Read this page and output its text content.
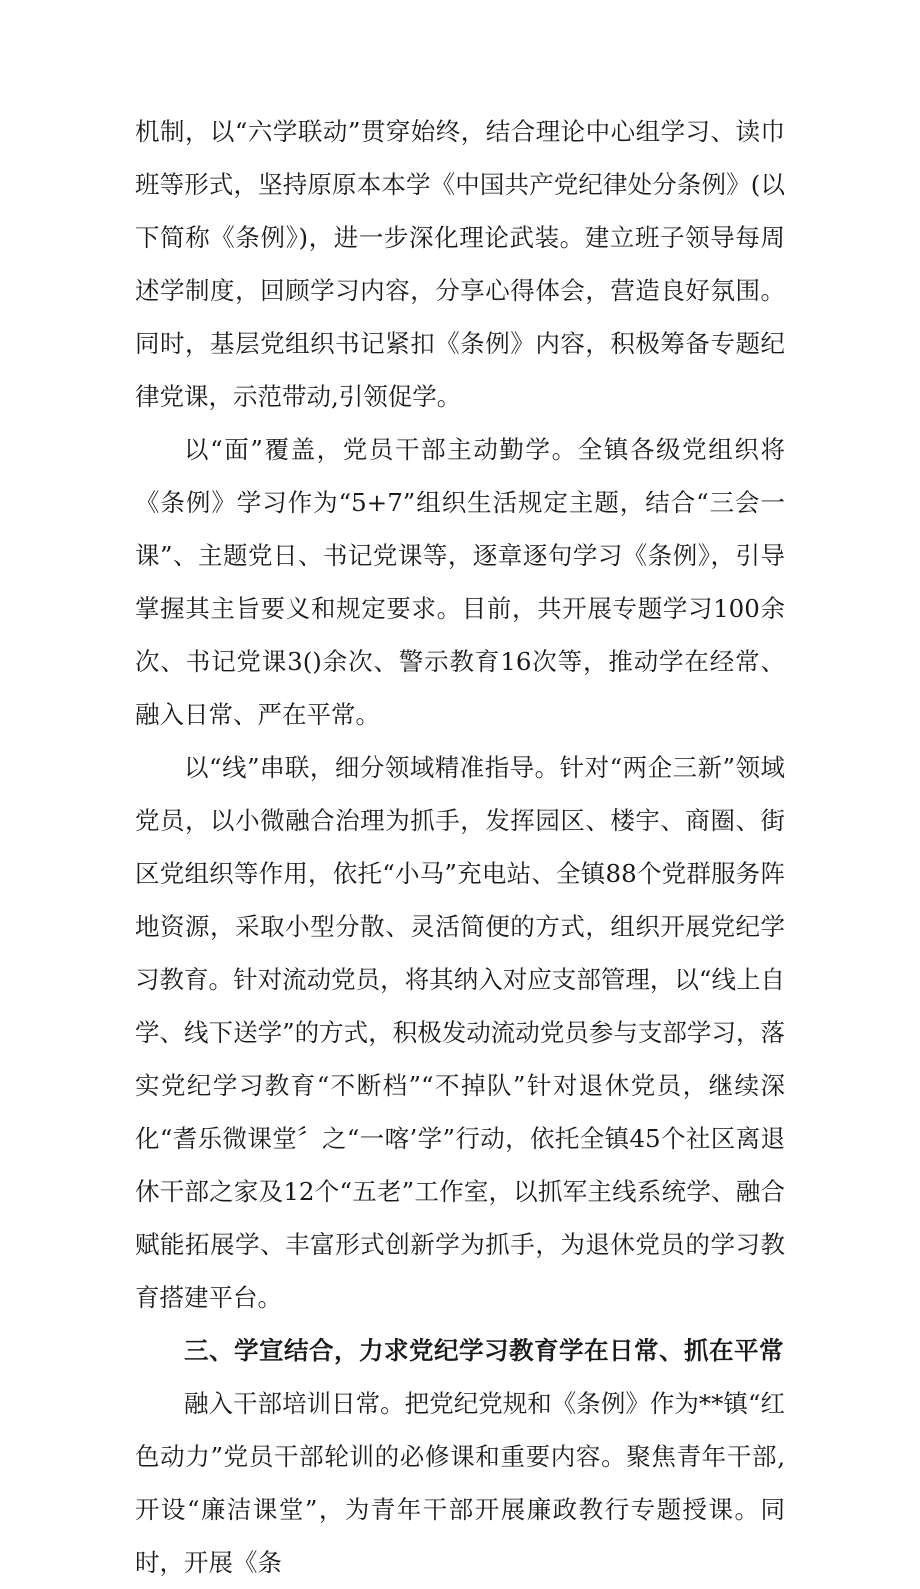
机制，以“六学联动”贯穿始终，结合理论中心组学习、读巾班等形式，坚持原原本本学《中国共产党纪律处分条例》(以下简称《条例》)，进一步深化理论武装。建立班子领导每周述学制度，回顾学习内容，分享心得体会，营造良好氛围。同时，基层党组织书记紧扣《条例》内容，积极筹备专题纪律党课，示范带动,引领促学。

以“面”覆盖，党员干部主动勤学。全镇各级党组织将《条例》学习作为“5+7”组织生活规定主题，结合“三会一课”、主题党日、书记党课等，逐章逐句学习《条例》，引导掌握其主旨要义和规定要求。目前，共开展专题学习100余次、书记党课3()余次、警示教育16次等，推动学在经常、融入日常、严在平常。

以“线”串联，细分领域精准指导。针对“两企三新”领域党员，以小微融合治理为抓手，发挥园区、楼宇、商圈、街区党组织等作用，依托“小马”充电站、全镇88个党群服务阵地资源，采取小型分散、灵活简便的方式，组织开展党纪学习教育。针对流动党员，将其纳入对应支部管理，以“线上自学、线下送学”的方式，积极发动流动党员参与支部学习，落实党纪学习教育“不断档”“不掉队”针对退休党员，继续深化“耆乐微课堂〞之“一喀’学”行动，依托全镇45个社区离退休干部之家及12个“五老”工作室，以抓军主线系统学、融合赋能拓展学、丰富形式创新学为抓手，为退休党员的学习教育搭建平台。

三、学宣结合，力求党纪学习教育学在日常、抓在平常

融入干部培训日常。把党纪党规和《条例》作为**镇“红色动力”党员干部轮训的必修课和重要内容。聚焦青年干部,开设“廉洁课堂”，为青年干部开展廉政教行专题授课。同时，开展《条
